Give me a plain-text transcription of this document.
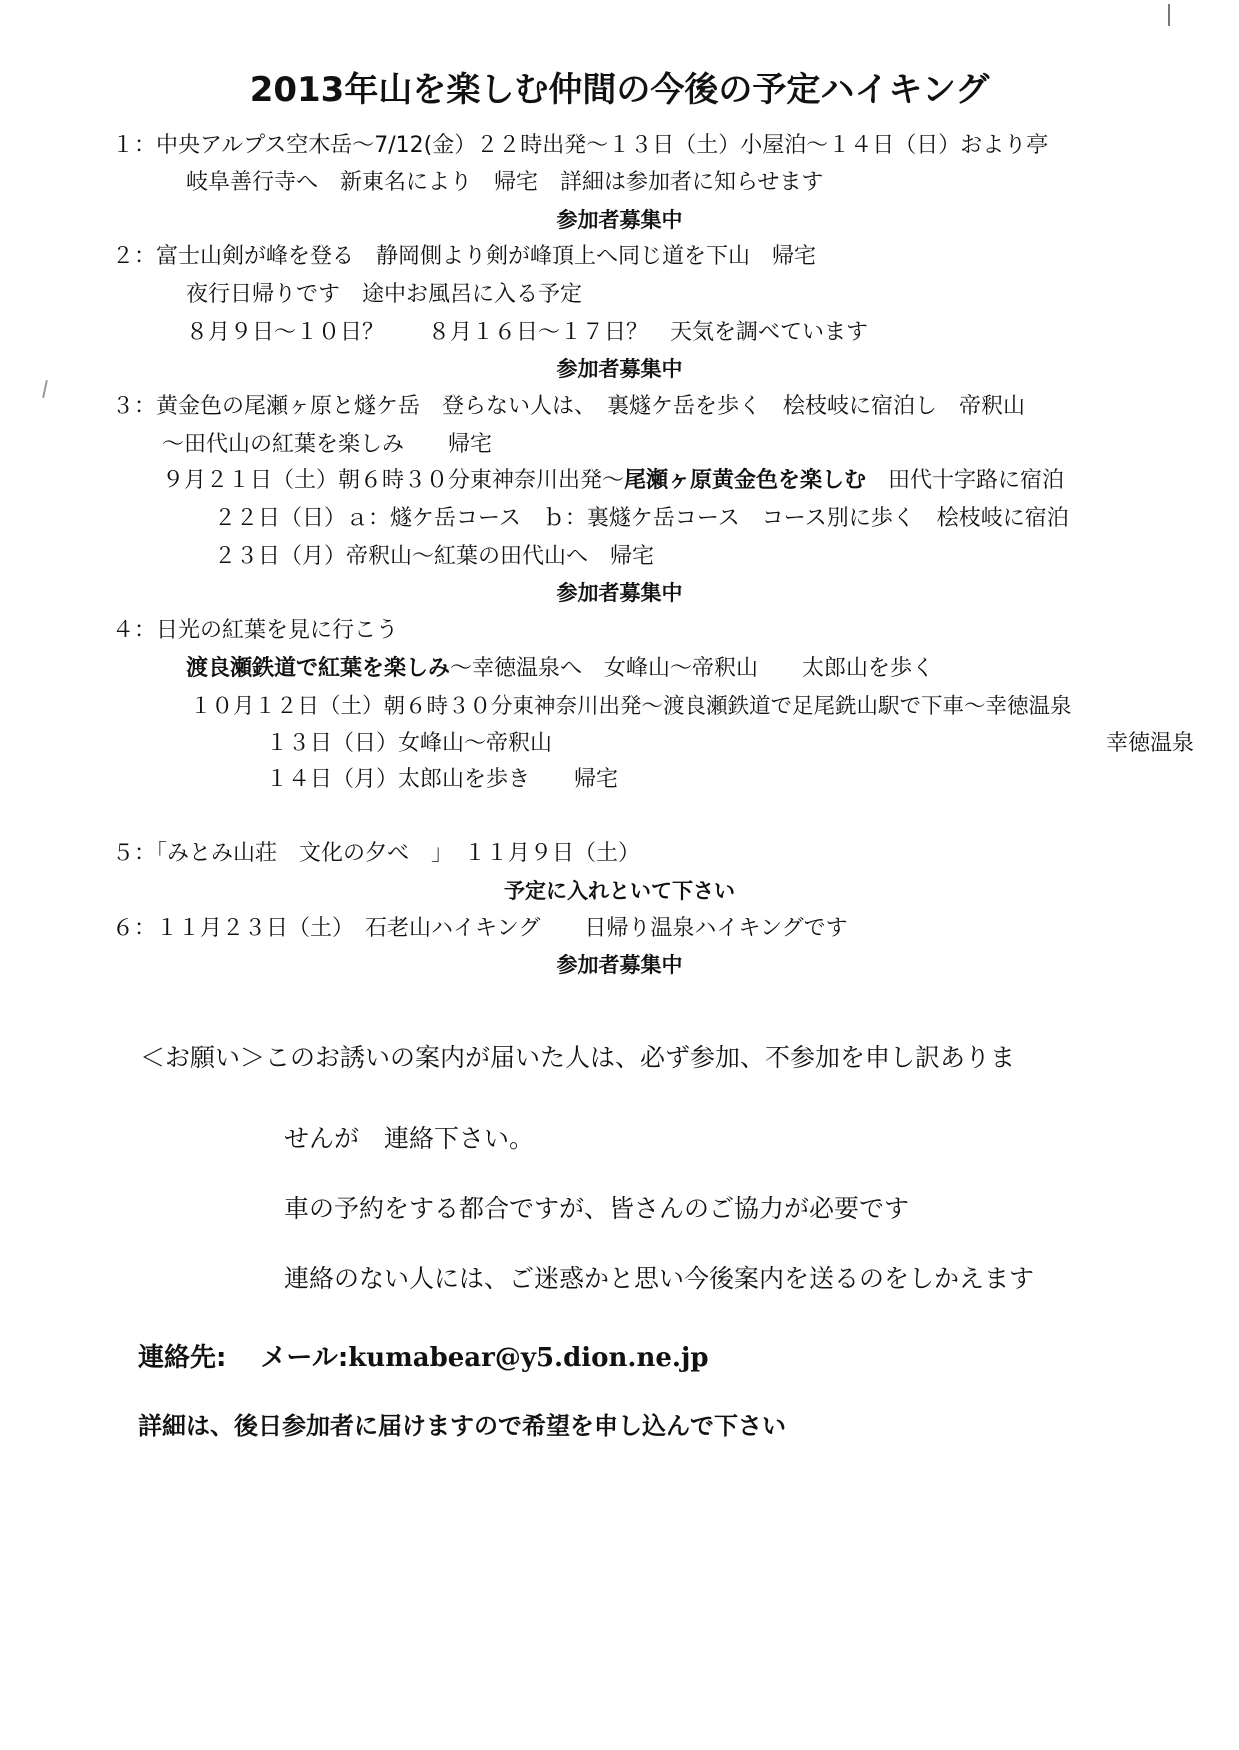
2013年山を楽しむ仲間の今後の予定ハイキング
１：中央アルプス空木岳～7/12(金）２２時出発～１３日（土）小屋泊～１４日（日）おより亭
岐阜善行寺へ　新東名により　帰宅　詳細は参加者に知らせます
参加者募集中
２：富士山剣が峰を登る　静岡側より剣が峰頂上へ同じ道を下山　帰宅
夜行日帰りです　途中お風呂に入る予定
８月９日～１０日？　　８月１６日～１７日？　天気を調べています
参加者募集中
３：黄金色の尾瀬ヶ原と燧ケ岳　登らない人は、　裏燧ケ岳を歩く　桧枝岐に宿泊し　帝釈山
～田代山の紅葉を楽しみ　　帰宅
９月２１日（土）朝６時３０分東神奈川出発～尾瀬ヶ原黄金色を楽しむ　田代十字路に宿泊
２２日（日）ａ：燧ケ岳コース　ｂ：裏燧ケ岳コース　コース別に歩く　桧枝岐に宿泊
２３日（月）帝釈山～紅葉の田代山へ　帰宅
参加者募集中
４：日光の紅葉を見に行こう
渡良瀬鉄道で紅葉を楽しみ～幸徳温泉へ　女峰山～帝釈山　　太郎山を歩く
１０月１２日（土）朝６時３０分東神奈川出発～渡良瀬鉄道で足尾銑山駅で下車～幸徳温泉
１３日（日）女峰山～帝釈山	幸徳温泉
１４日（月）太郎山を歩き　　帰宅
５：「みとみ山荘　文化の夕べ　」　１１月９日（土）
予定に入れといて下さい
６：１１月２３日（土）　石老山ハイキング　　日帰り温泉ハイキングです
参加者募集中
＜お願い＞このお誘いの案内が届いた人は、必ず参加、不参加を申し訳ありま
せんが　連絡下さい。
車の予約をする都合ですが、皆さんのご協力が必要です
連絡のない人には、ご迷惑かと思い今後案内を送るのをしかえます
連絡先: メール:kumabear@y5.dion.ne.jp
詳細は、後日参加者に届けますので希望を申し込んで下さい
